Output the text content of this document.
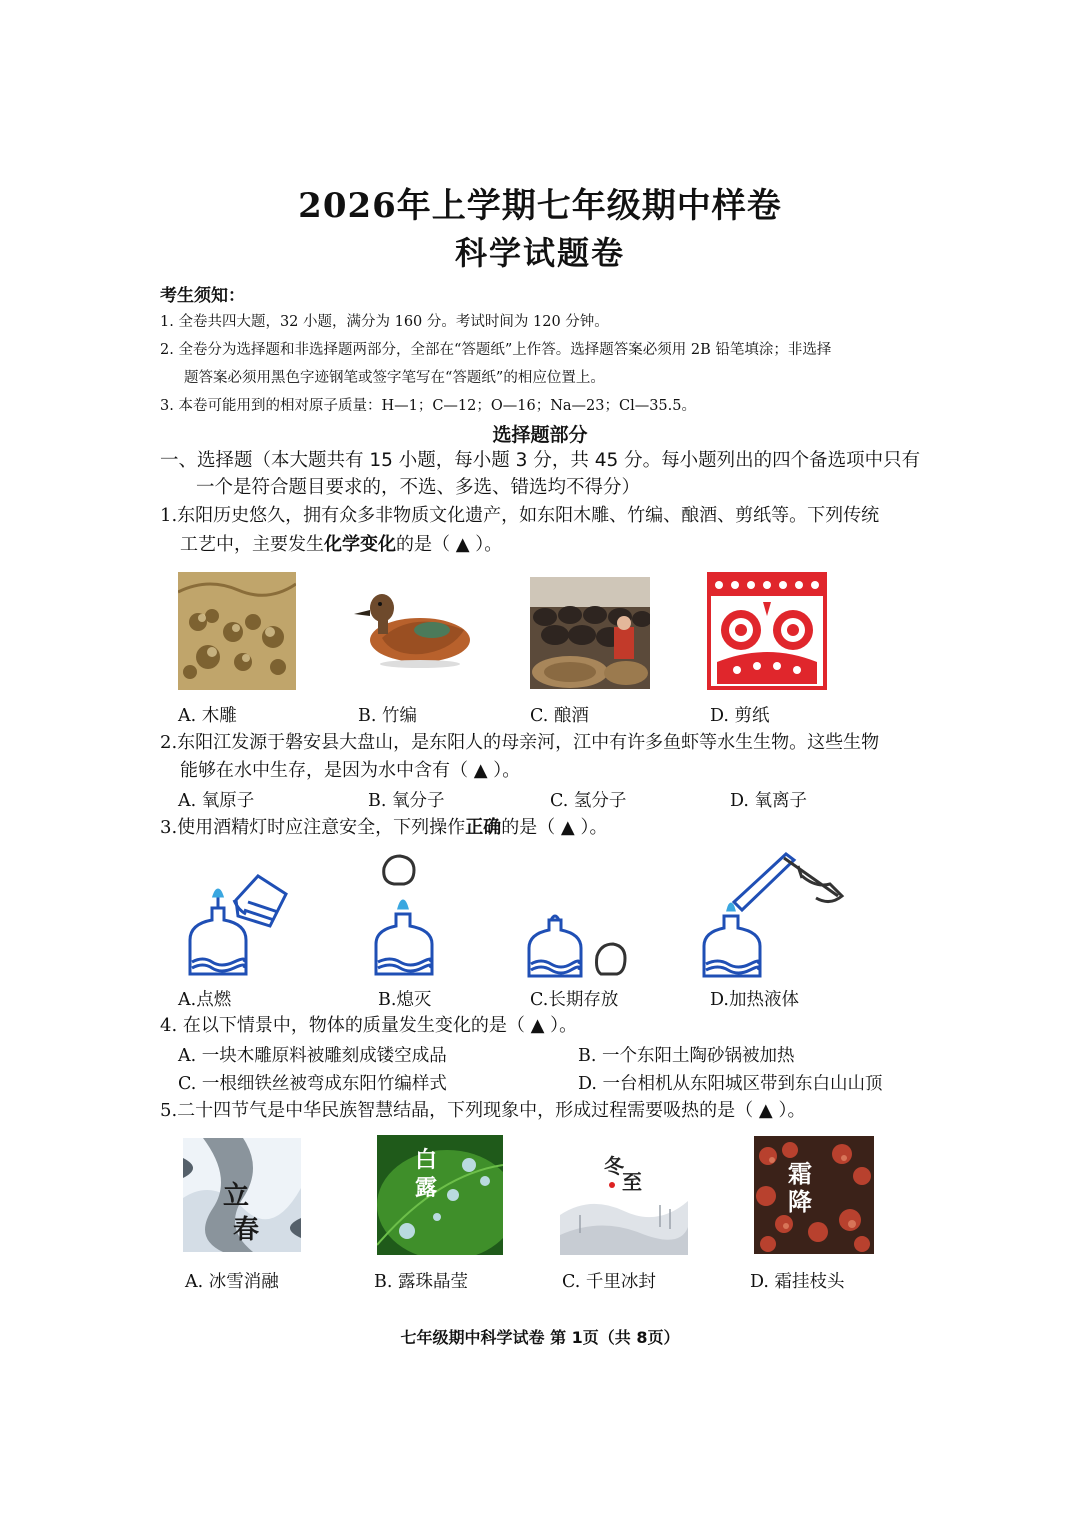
2026年上学期七年级期中样卷
科学试题卷
考生须知：
1. 全卷共四大题，32 小题，满分为 160 分。考试时间为 120 分钟。
2. 全卷分为选择题和非选择题两部分，全部在“答题纸”上作答。选择题答案必须用 2B 铅笔填涂；非选择
题答案必须用黑色字迹钢笔或签字笔写在“答题纸”的相应位置上。
3. 本卷可能用到的相对原子质量：H—1；C—12；O—16；Na—23；Cl—35.5。
选择题部分
一、选择题（本大题共有 15 小题，每小题 3 分，共 45 分。每小题列出的四个备选项中只有
一个是符合题目要求的，不选、多选、错选均不得分）
1.东阳历史悠久，拥有众多非物质文化遗产，如东阳木雕、竹编、酿酒、剪纸等。下列传统
工艺中，主要发生化学变化的是（ ▲ ）。
A. 木雕	B. 竹编	C. 酿酒	D. 剪纸
2.东阳江发源于磐安县大盘山，是东阳人的母亲河，江中有许多鱼虾等水生生物。这些生物
能够在水中生存，是因为水中含有（ ▲ ）。
A. 氧原子	B. 氧分子	C. 氢分子	D. 氧离子
3.使用酒精灯时应注意安全，下列操作正确的是（ ▲ ）。
A.点燃	B.熄灭	C.长期存放	D.加热液体
4. 在以下情景中，物体的质量发生变化的是（ ▲ ）。
A. 一块木雕原料被雕刻成镂空成品	B. 一个东阳土陶砂锅被加热
C. 一根细铁丝被弯成东阳竹编样式	D. 一台相机从东阳城区带到东白山山顶
5.二十四节气是中华民族智慧结晶，下列现象中，形成过程需要吸热的是（ ▲ ）。
立
春
白
露
冬
至	霜
降
A. 冰雪消融	B. 露珠晶莹	C. 千里冰封	D. 霜挂枝头
七年级期中科学试卷 第 1页（共 8页）
